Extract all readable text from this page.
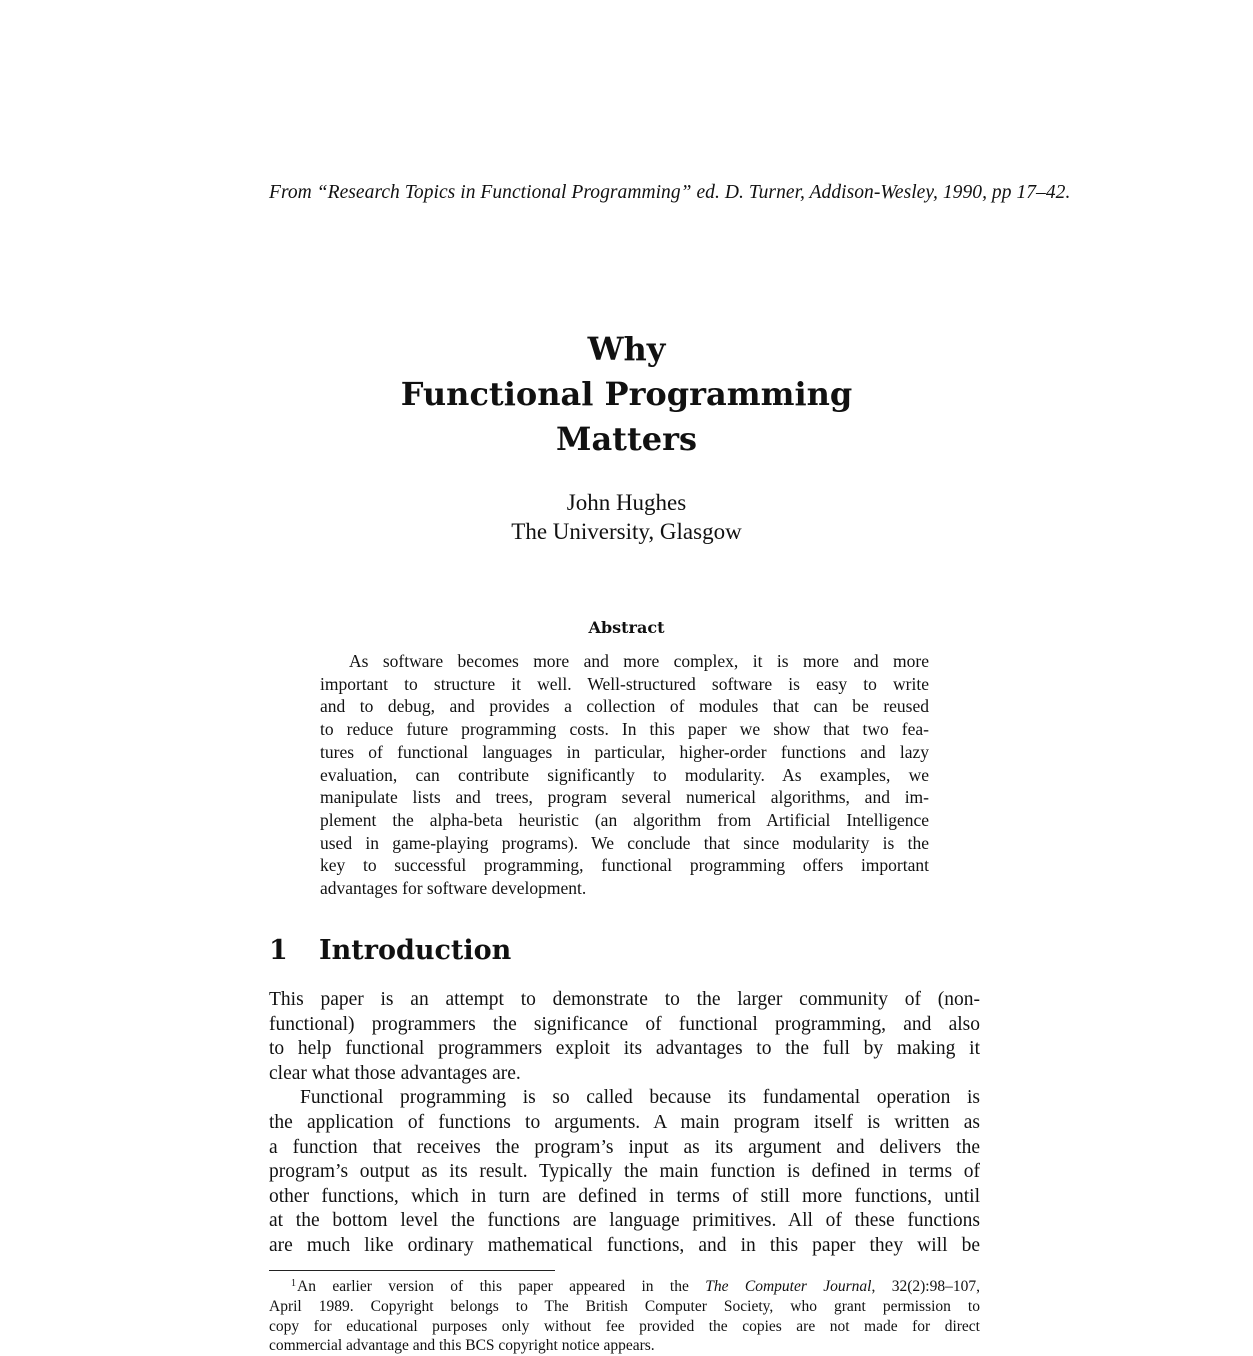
From “Research Topics in Functional Programming” ed. D. Turner, Addison-Wesley, 1990, pp 17–42.
Why
Functional Programming
Matters
John Hughes
The University, Glasgow
Abstract
As software becomes more and more complex, it is more and more
important to structure it well. Well-structured software is easy to write
and to debug, and provides a collection of modules that can be reused
to reduce future programming costs. In this paper we show that two fea-
tures of functional languages in particular, higher-order functions and lazy
evaluation, can contribute significantly to modularity. As examples, we
manipulate lists and trees, program several numerical algorithms, and im-
plement the alpha-beta heuristic (an algorithm from Artificial Intelligence
used in game-playing programs). We conclude that since modularity is the
key to successful programming, functional programming offers important
advantages for software development.
1 Introduction
This paper is an attempt to demonstrate to the larger community of (non-
functional) programmers the significance of functional programming, and also
to help functional programmers exploit its advantages to the full by making it
clear what those advantages are.
Functional programming is so called because its fundamental operation is
the application of functions to arguments. A main program itself is written as
a function that receives the program’s input as its argument and delivers the
program’s output as its result. Typically the main function is defined in terms of
other functions, which in turn are defined in terms of still more functions, until
at the bottom level the functions are language primitives. All of these functions
are much like ordinary mathematical functions, and in this paper they will be
$^1$An earlier version of this paper appeared in the The Computer Journal, 32(2):98–107,
April 1989. Copyright belongs to The British Computer Society, who grant permission to
copy for educational purposes only without fee provided the copies are not made for direct
commercial advantage and this BCS copyright notice appears.
